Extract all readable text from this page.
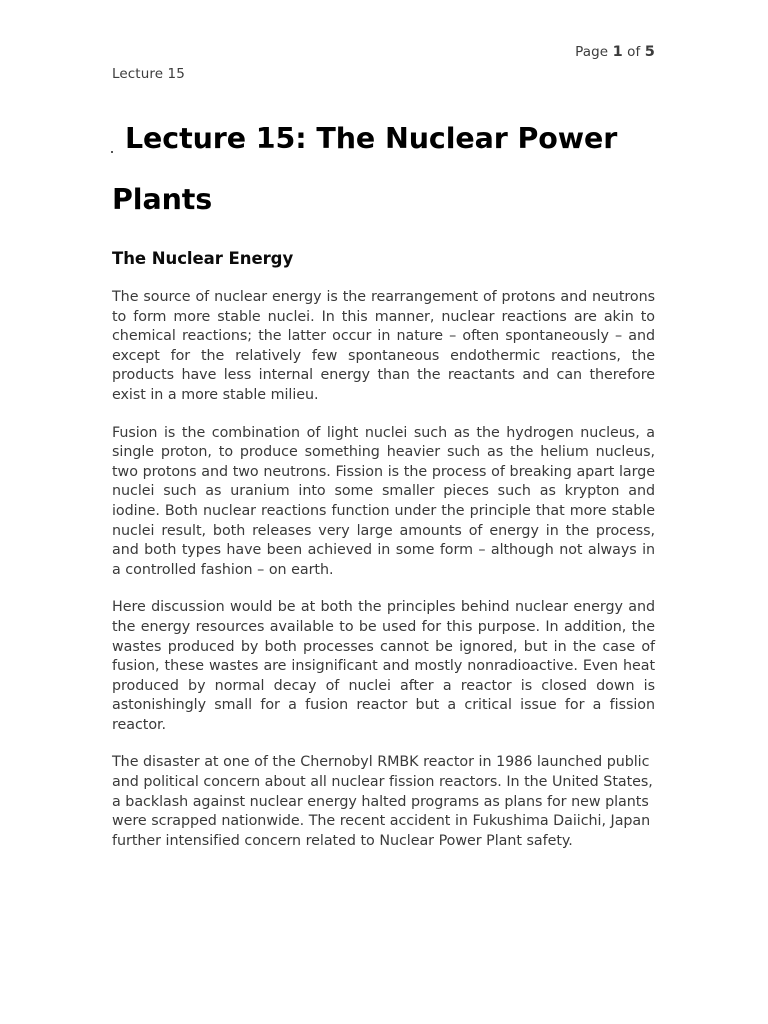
Page 1 of 5
Lecture 15
Lecture 15: The Nuclear Power Plants
The Nuclear Energy

The source of nuclear energy is the rearrangement of protons and neutrons to form more stable nuclei. In this manner, nuclear reactions are akin to chemical reactions; the latter occur in nature – often spontaneously – and except for the relatively few spontaneous endothermic reactions, the products have less internal energy than the reactants and can therefore exist in a more stable milieu.

Fusion is the combination of light nuclei such as the hydrogen nucleus, a single proton, to produce something heavier such as the helium nucleus, two protons and two neutrons. Fission is the process of breaking apart large nuclei such as uranium into some smaller pieces such as krypton and iodine. Both nuclear reactions function under the principle that more stable nuclei result, both releases very large amounts of energy in the process, and both types have been achieved in some form – although not always in a controlled fashion – on earth.

Here discussion would be at both the principles behind nuclear energy and the energy resources available to be used for this purpose. In addition, the wastes produced by both processes cannot be ignored, but in the case of fusion, these wastes are insignificant and mostly nonradioactive. Even heat produced by normal decay of nuclei after a reactor is closed down is astonishingly small for a fusion reactor but a critical issue for a fission reactor.

The disaster at one of the Chernobyl RMBK reactor in 1986 launched public and political concern about all nuclear fission reactors. In the United States, a backlash against nuclear energy halted programs as plans for new plants were scrapped nationwide. The recent accident in Fukushima Daiichi, Japan further intensified concern related to Nuclear Power Plant safety.
